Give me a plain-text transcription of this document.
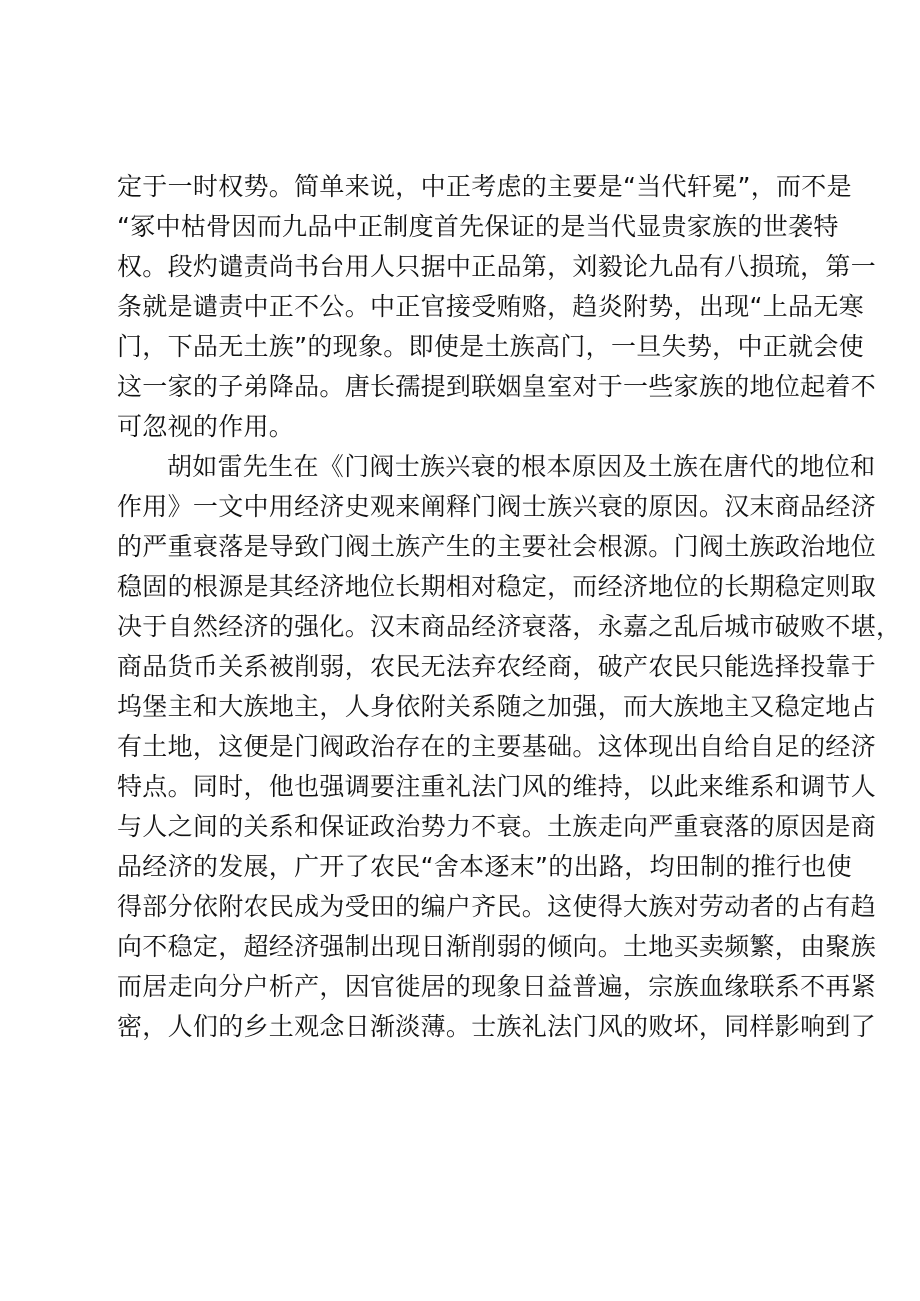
定于一时权势。简单来说，中正考虑的主要是“当代轩冕”，而不是
“冢中枯骨因而九品中正制度首先保证的是当代显贵家族的世袭特
权。段灼谴责尚书台用人只据中正品第，刘毅论九品有八损琉，第一
条就是谴责中正不公。中正官接受贿赂，趋炎附势，出现“上品无寒
门，下品无土族”的现象。即使是土族高门，一旦失势，中正就会使
这一家的子弟降品。唐长孺提到联姻皇室对于一些家族的地位起着不
可忽视的作用。
胡如雷先生在《门阀士族兴衰的根本原因及土族在唐代的地位和
作用》一文中用经济史观来阐释门阀士族兴衰的原因。汉末商品经济
的严重衰落是导致门阀土族产生的主要社会根源。门阀土族政治地位
稳固的根源是其经济地位长期相对稳定，而经济地位的长期稳定则取
决于自然经济的强化。汉末商品经济衰落，永嘉之乱后城市破败不堪，
商品货币关系被削弱，农民无法弃农经商，破产农民只能选择投靠于
坞堡主和大族地主，人身依附关系随之加强，而大族地主又稳定地占
有土地，这便是门阀政治存在的主要基础。这体现出自给自足的经济
特点。同时，他也强调要注重礼法门风的维持，以此来维系和调节人
与人之间的关系和保证政治势力不衰。土族走向严重衰落的原因是商
品经济的发展，广开了农民“舍本逐末”的出路，均田制的推行也使
得部分依附农民成为受田的编户齐民。这使得大族对劳动者的占有趋
向不稳定，超经济强制出现日渐削弱的倾向。土地买卖频繁，由聚族
而居走向分户析产，因官徙居的现象日益普遍，宗族血缘联系不再紧
密，人们的乡土观念日渐淡薄。士族礼法门风的败坏，同样影响到了
